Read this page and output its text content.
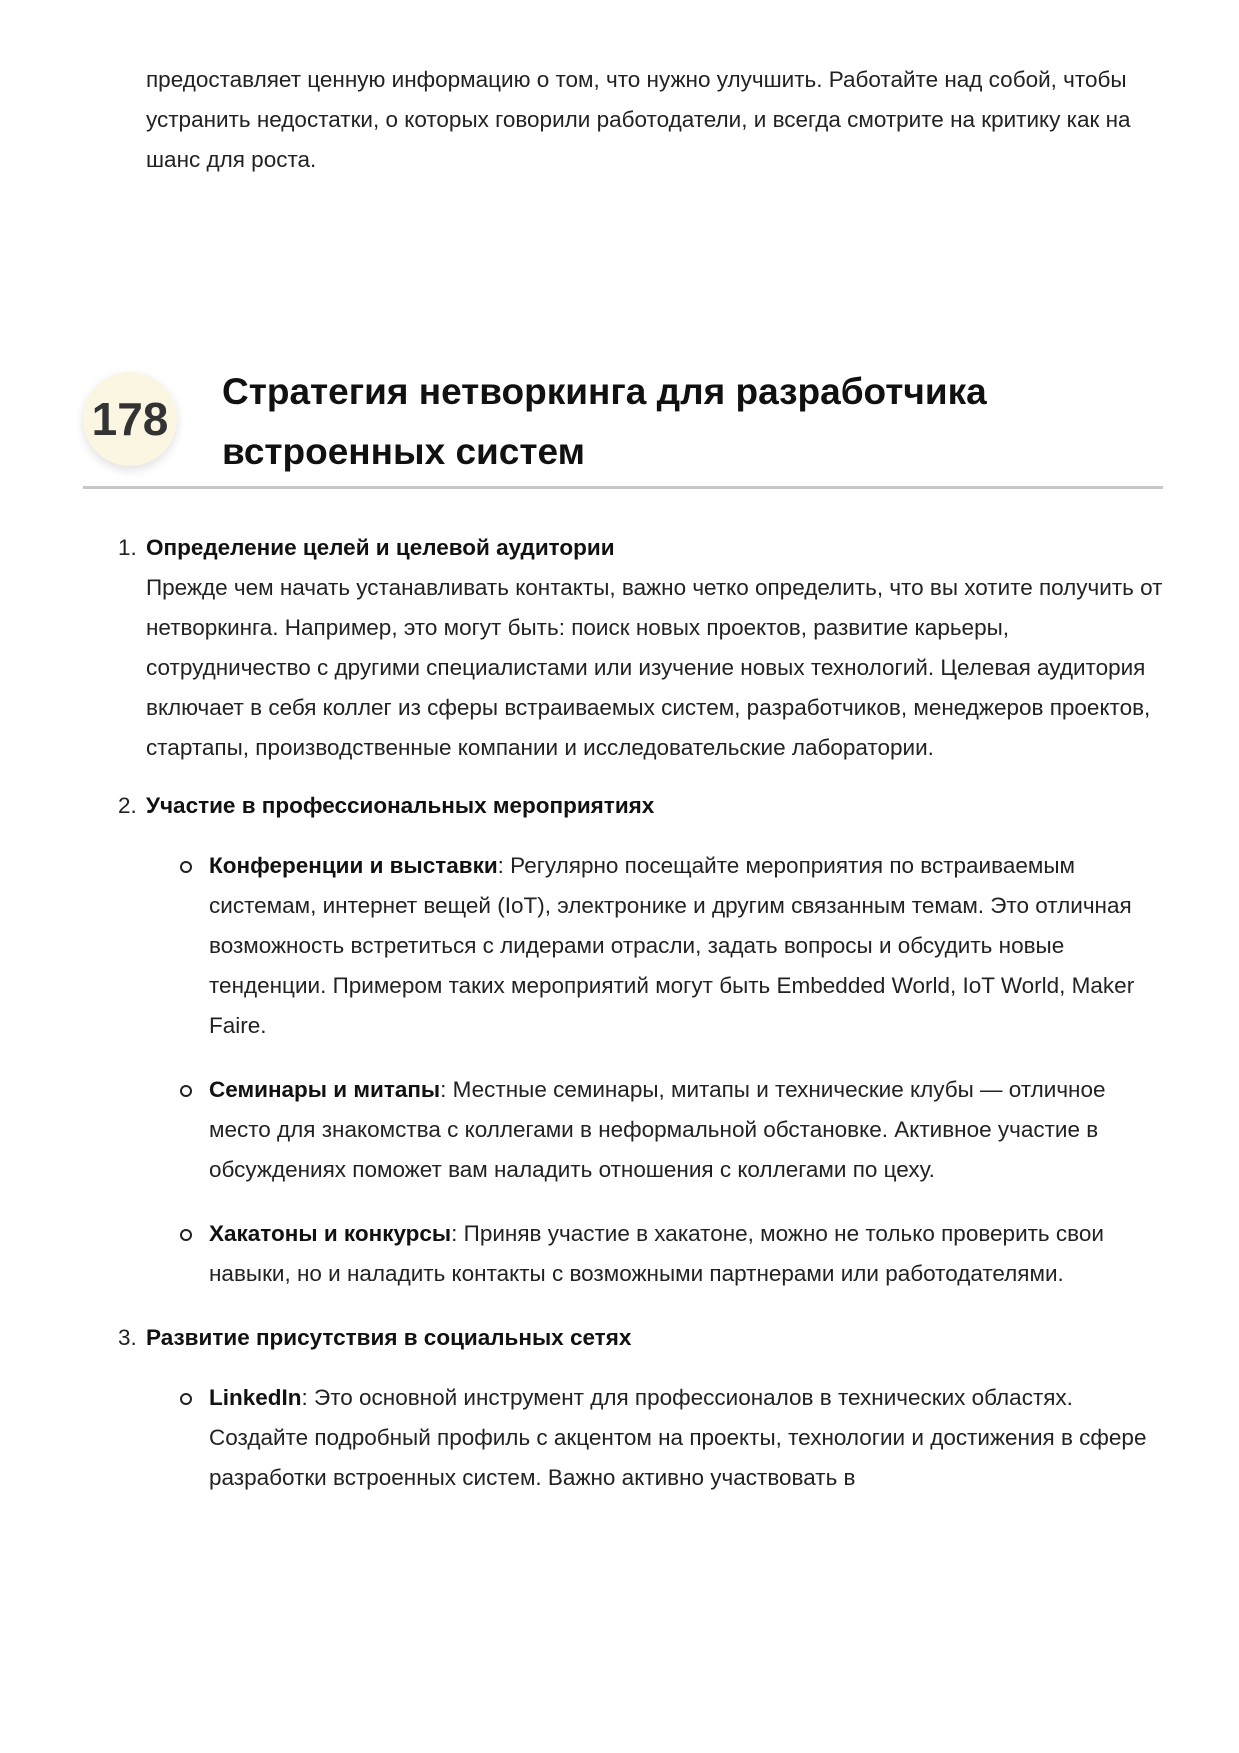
предоставляет ценную информацию о том, что нужно улучшить. Работайте над собой, чтобы устранить недостатки, о которых говорили работодатели, и всегда смотрите на критику как на шанс для роста.
178
Стратегия нетворкинга для разработчика встроенных систем
1. Определение целей и целевой аудитории
Прежде чем начать устанавливать контакты, важно четко определить, что вы хотите получить от нетворкинга. Например, это могут быть: поиск новых проектов, развитие карьеры, сотрудничество с другими специалистами или изучение новых технологий. Целевая аудитория включает в себя коллег из сферы встраиваемых систем, разработчиков, менеджеров проектов, стартапы, производственные компании и исследовательские лаборатории.
2. Участие в профессиональных мероприятиях
Конференции и выставки: Регулярно посещайте мероприятия по встраиваемым системам, интернет вещей (IoT), электронике и другим связанным темам. Это отличная возможность встретиться с лидерами отрасли, задать вопросы и обсудить новые тенденции. Примером таких мероприятий могут быть Embedded World, IoT World, Maker Faire.
Семинары и митапы: Местные семинары, митапы и технические клубы — отличное место для знакомства с коллегами в неформальной обстановке. Активное участие в обсуждениях поможет вам наладить отношения с коллегами по цеху.
Хакатоны и конкурсы: Приняв участие в хакатоне, можно не только проверить свои навыки, но и наладить контакты с возможными партнерами или работодателями.
3. Развитие присутствия в социальных сетях
LinkedIn: Это основной инструмент для профессионалов в технических областях. Создайте подробный профиль с акцентом на проекты, технологии и достижения в сфере разработки встроенных систем. Важно активно участвовать в
